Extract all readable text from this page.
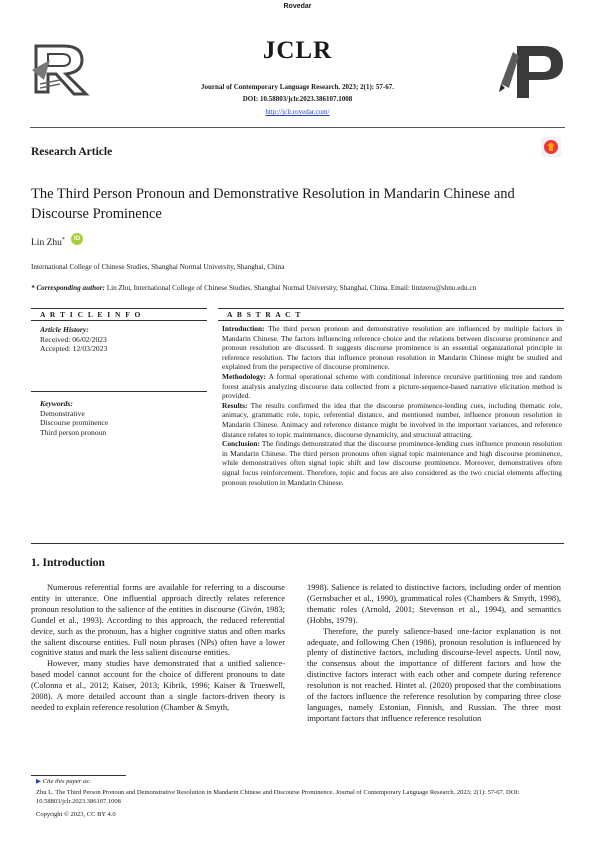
Rovedar
JCLR
Journal of Contemporary Language Research. 2023; 2(1): 57-67.
DOI: 10.58803/jclr.2023.386107.1008
http://jclr.rovedar.com/
Research Article
The Third Person Pronoun and Demonstrative Resolution in Mandarin Chinese and Discourse Prominence
Lin Zhu*	iD
International College of Chinese Studies, Shanghai Normal University, Shanghai, China
* Corresponding author: Lin Zhu, International College of Chinese Studies, Shanghai Normal University, Shanghai, China. Email: linnzero@shnu.edu.cn
A R T I C L E I N F O	A B S T R A C T
Article History:
Received: 06/02/2023
Accepted: 12/03/2023
Keywords:
Demonstrative
Discourse prominence
Third person pronoun

Introduction: The third person pronoun and demonstrative resolution are influenced by multiple factors in Mandarin Chinese. The factors influencing reference choice and the relations between discourse prominence and pronoun resolution are discussed. It suggests discourse prominence is an essential organizational principle in reference resolution. The factors that influence pronoun resolution in Mandarin Chinese might be studied and explained from the perspective of discourse prominence.

Methodology: A formal operational scheme with conditional inference recursive partitioning tree and random forest analysis analyzing discourse data collected from a picture-sequence-based narrative elicitation method is provided.

Results: The results confirmed the idea that the discourse prominence-lending cues, including thematic role, animacy, grammatic role, topic, referential distance, and mentioned number, influence pronoun resolution in Mandarin Chinese. Animacy and reference distance might be involved in the important variances, and reference distance relates to topic maintenance, discourse dynamicity, and structural attracting.

Conclusion: The findings demonstrated that the discourse prominence-lending cues influence pronoun resolution in Mandarin Chinese. The third person pronouns often signal topic maintenance and high discourse prominence, while demonstratives often signal topic shift and low discourse prominence. Moreover, demonstratives often signal focus reinforcement. Therefore, topic and focus are also considered as the two crucial elements affecting pronoun resolution in Mandarin Chinese.

1. Introduction

Numerous referential forms are available for referring to a discourse entity in utterance. One influential approach directly relates reference pronoun resolution to the salience of the entities in discourse (Givón, 1983; Gundel et al., 1993). According to this approach, the reduced referential device, such as the pronoun, has a higher cognitive status and often marks the salient discourse entities. Full noun phrases (NPs) often have a lower cognitive status and mark the less salient discourse entities.

However, many studies have demonstrated that a unified salience-based model cannot account for the choice of different pronouns to date (Colonna et al., 2012; Kaiser, 2013; Kibrik, 1996; Kaiser & Trueswell, 2008). A more detailed account than a single factors-driven theory is needed to explain reference resolution (Chamber & Smyth,

1998). Salience is related to distinctive factors, including order of mention (Gernsbacher et al., 1990), grammatical roles (Chambers & Smyth, 1998), thematic roles (Arnold, 2001; Stevenson et al., 1994), and semantics (Hobbs, 1979).

Therefore, the purely salience-based one-factor explanation is not adequate, and following Chen (1986), pronoun resolution is influenced by plenty of distinctive factors, including discourse-level aspects. Until now, the consensus about the importance of different factors and how the distinctive factors interact with each other and compete during reference resolution is not reached. Hintet al. (2020) proposed that the combinations of the factors influence the reference resolution by comparing three close languages, namely Estonian, Finnish, and Russian. The three most important factors that influence reference resolution

▶ Cite this paper as:
Zhu L. The Third Person Pronoun and Demonstrative Resolution in Mandarin Chinese and Discourse Prominence. Journal of Contemporary Language Research. 2023; 2(1): 57-67. DOI: 10.58803/jclr.2023.386107.1008
Copyright © 2023, CC BY 4.0
